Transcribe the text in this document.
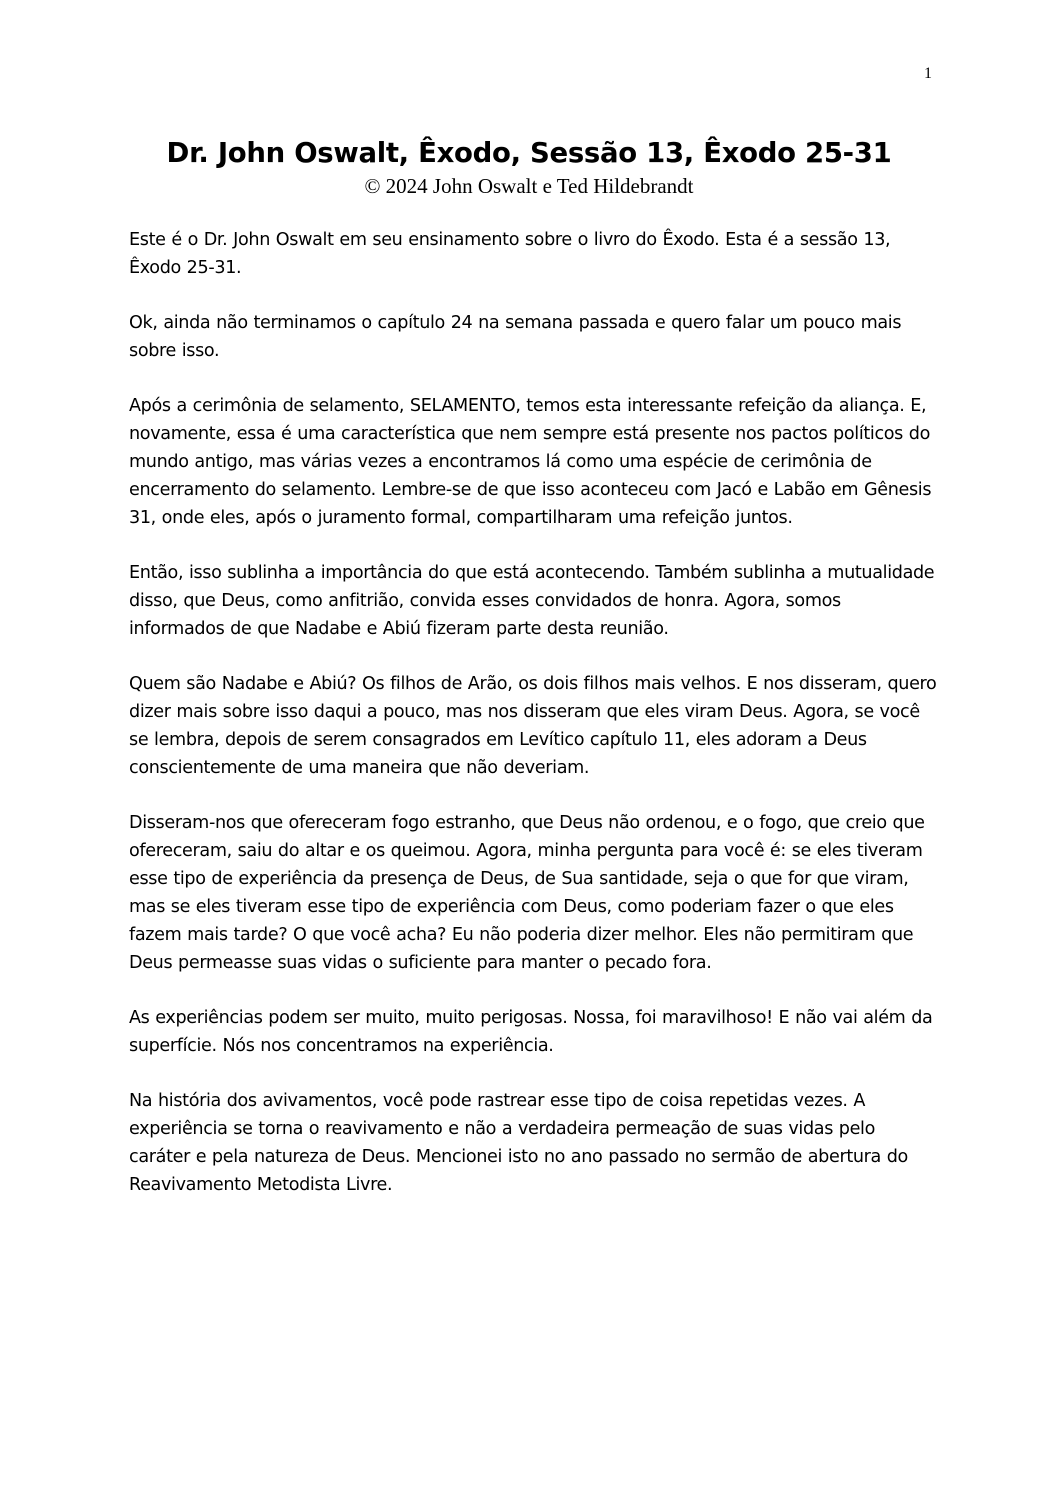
1
Dr. John Oswalt, Êxodo, Sessão 13, Êxodo 25-31
© 2024 John Oswalt e Ted Hildebrandt

Este é o Dr. John Oswalt em seu ensinamento sobre o livro do Êxodo. Esta é a sessão 13, Êxodo 25-31.

Ok, ainda não terminamos o capítulo 24 na semana passada e quero falar um pouco mais sobre isso.

Após a cerimônia de selamento, SELAMENTO, temos esta interessante refeição da aliança. E, novamente, essa é uma característica que nem sempre está presente nos pactos políticos do mundo antigo, mas várias vezes a encontramos lá como uma espécie de cerimônia de encerramento do selamento. Lembre-se de que isso aconteceu com Jacó e Labão em Gênesis 31, onde eles, após o juramento formal, compartilharam uma refeição juntos.

Então, isso sublinha a importância do que está acontecendo. Também sublinha a mutualidade disso, que Deus, como anfitrião, convida esses convidados de honra. Agora, somos informados de que Nadabe e Abiú fizeram parte desta reunião.

Quem são Nadabe e Abiú? Os filhos de Arão, os dois filhos mais velhos. E nos disseram, quero dizer mais sobre isso daqui a pouco, mas nos disseram que eles viram Deus. Agora, se você se lembra, depois de serem consagrados em Levítico capítulo 11, eles adoram a Deus conscientemente de uma maneira que não deveriam.

Disseram-nos que ofereceram fogo estranho, que Deus não ordenou, e o fogo, que creio que ofereceram, saiu do altar e os queimou. Agora, minha pergunta para você é: se eles tiveram esse tipo de experiência da presença de Deus, de Sua santidade, seja o que for que viram, mas se eles tiveram esse tipo de experiência com Deus, como poderiam fazer o que eles fazem mais tarde? O que você acha? Eu não poderia dizer melhor. Eles não permitiram que Deus permeasse suas vidas o suficiente para manter o pecado fora.

As experiências podem ser muito, muito perigosas. Nossa, foi maravilhoso! E não vai além da superfície. Nós nos concentramos na experiência.

Na história dos avivamentos, você pode rastrear esse tipo de coisa repetidas vezes. A experiência se torna o reavivamento e não a verdadeira permeação de suas vidas pelo caráter e pela natureza de Deus. Mencionei isto no ano passado no sermão de abertura do Reavivamento Metodista Livre.
